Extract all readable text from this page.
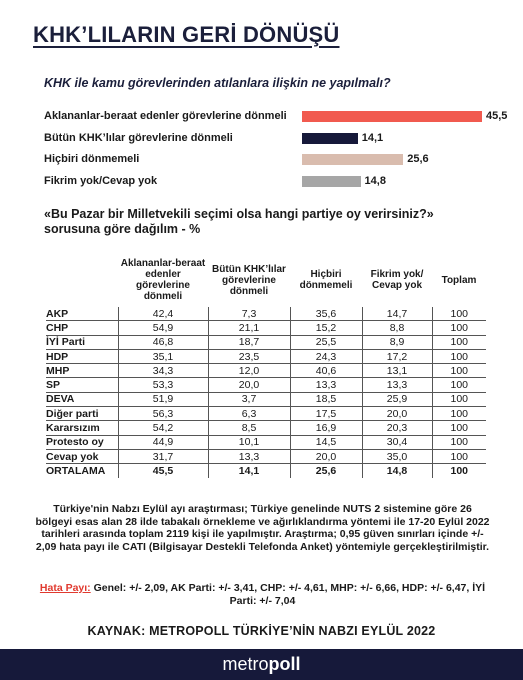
KHK’LILARIN GERİ DÖNÜŞÜ
KHK ile kamu görevlerinden atılanlara ilişkin ne yapılmalı?
Aklananlar-beraat edenler görevlerine dönmeli	45,5
Bütün KHK’lılar görevlerine dönmeli	14,1
Hiçbiri dönmemeli	25,6
Fikrim yok/Cevap yok	14,8
«Bu Pazar bir Milletvekili seçimi olsa hangi partiye oy verirsiniz?» sorusuna göre dağılım - %
	Aklananlar-beraat edenler görevlerine dönmeli	Bütün KHK’lılar görevlerine dönmeli	Hiçbiri dönmemeli	Fikrim yok/ Cevap yok	Toplam
AKP	42,4	7,3	35,6	14,7	100
CHP	54,9	21,1	15,2	8,8	100
İYİ Parti	46,8	18,7	25,5	8,9	100
HDP	35,1	23,5	24,3	17,2	100
MHP	34,3	12,0	40,6	13,1	100
SP	53,3	20,0	13,3	13,3	100
DEVA	51,9	3,7	18,5	25,9	100
Diğer parti	56,3	6,3	17,5	20,0	100
Kararsızım	54,2	8,5	16,9	20,3	100
Protesto oy	44,9	10,1	14,5	30,4	100
Cevap yok	31,7	13,3	20,0	35,0	100
ORTALAMA	45,5	14,1	25,6	14,8	100
Türkiye'nin Nabzı Eylül ayı araştırması; Türkiye genelinde NUTS 2 sistemine göre 26 bölgeyi esas alan 28 ilde tabakalı örnekleme ve ağırlıklandırma yöntemi ile 17-20 Eylül 2022 tarihleri arasında toplam 2119 kişi ile yapılmıştır. Araştırma; 0,95 güven sınırları içinde +/- 2,09 hata payı ile CATI (Bilgisayar Destekli Telefonda Anket) yöntemiyle gerçekleştirilmiştir.
Hata Payı: Genel: +/- 2,09, AK Parti: +/- 3,41, CHP: +/- 4,61, MHP: +/- 6,66, HDP: +/- 6,47, İYİ Parti: +/- 7,04
KAYNAK: METROPOLL TÜRKİYE’NİN NABZI EYLÜL 2022
metropoll
